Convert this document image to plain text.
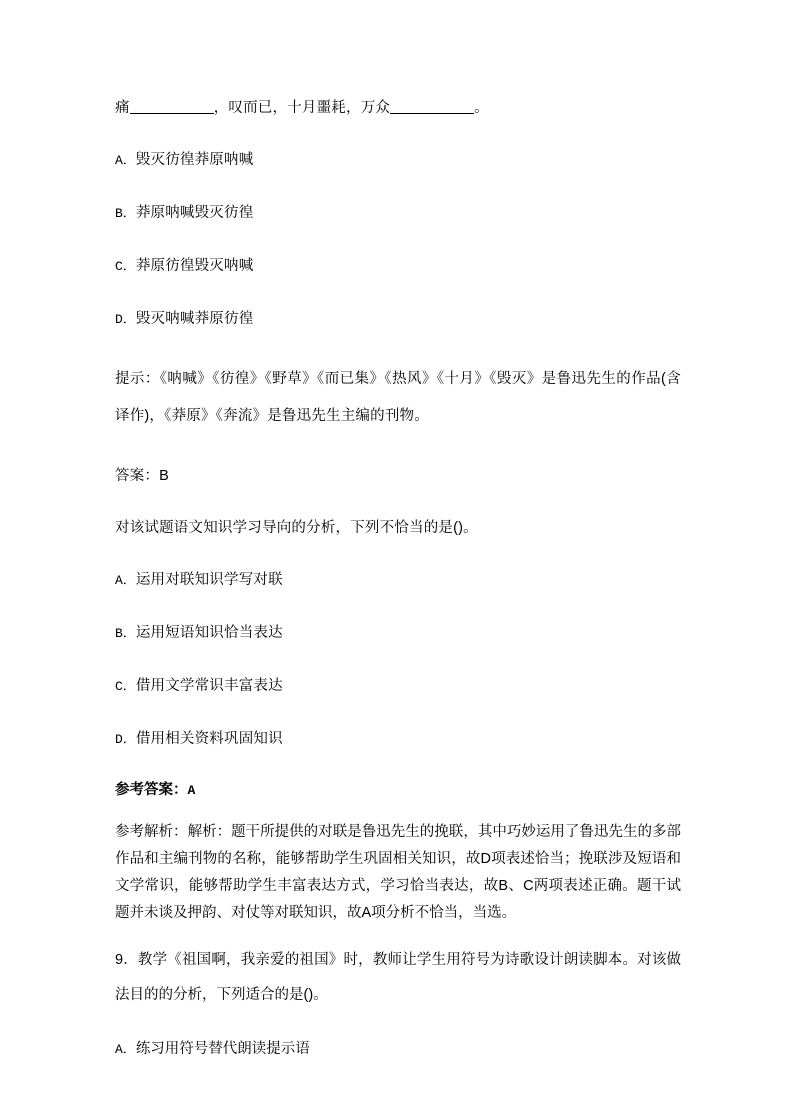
痛	，叹而已，十月噩耗，万众	。

A．毁灭彷徨莽原呐喊

B．莽原呐喊毁灭彷徨

C．莽原彷徨毁灭呐喊

D．毁灭呐喊莽原彷徨

提示：《呐喊》《彷徨》《野草》《而已集》《热风》《十月》《毁灭》是鲁迅先生的作品(含译作)，《莽原》《奔流》是鲁迅先生主编的刊物。

答案：B

对该试题语文知识学习导向的分析，下列不恰当的是()。

A．运用对联知识学写对联

B．运用短语知识恰当表达

C．借用文学常识丰富表达

D．借用相关资料巩固知识

参考答案：A

参考解析：解析：题干所提供的对联是鲁迅先生的挽联，其中巧妙运用了鲁迅先生的多部作品和主编刊物的名称，能够帮助学生巩固相关知识，故D项表述恰当；挽联涉及短语和文学常识，能够帮助学生丰富表达方式，学习恰当表达，故B、C两项表述正确。题干试题并未谈及押韵、对仗等对联知识，故A项分析不恰当，当选。

9．教学《祖国啊，我亲爱的祖国》时，教师让学生用符号为诗歌设计朗读脚本。对该做法目的的分析，下列适合的是()。

A．练习用符号替代朗读提示语
